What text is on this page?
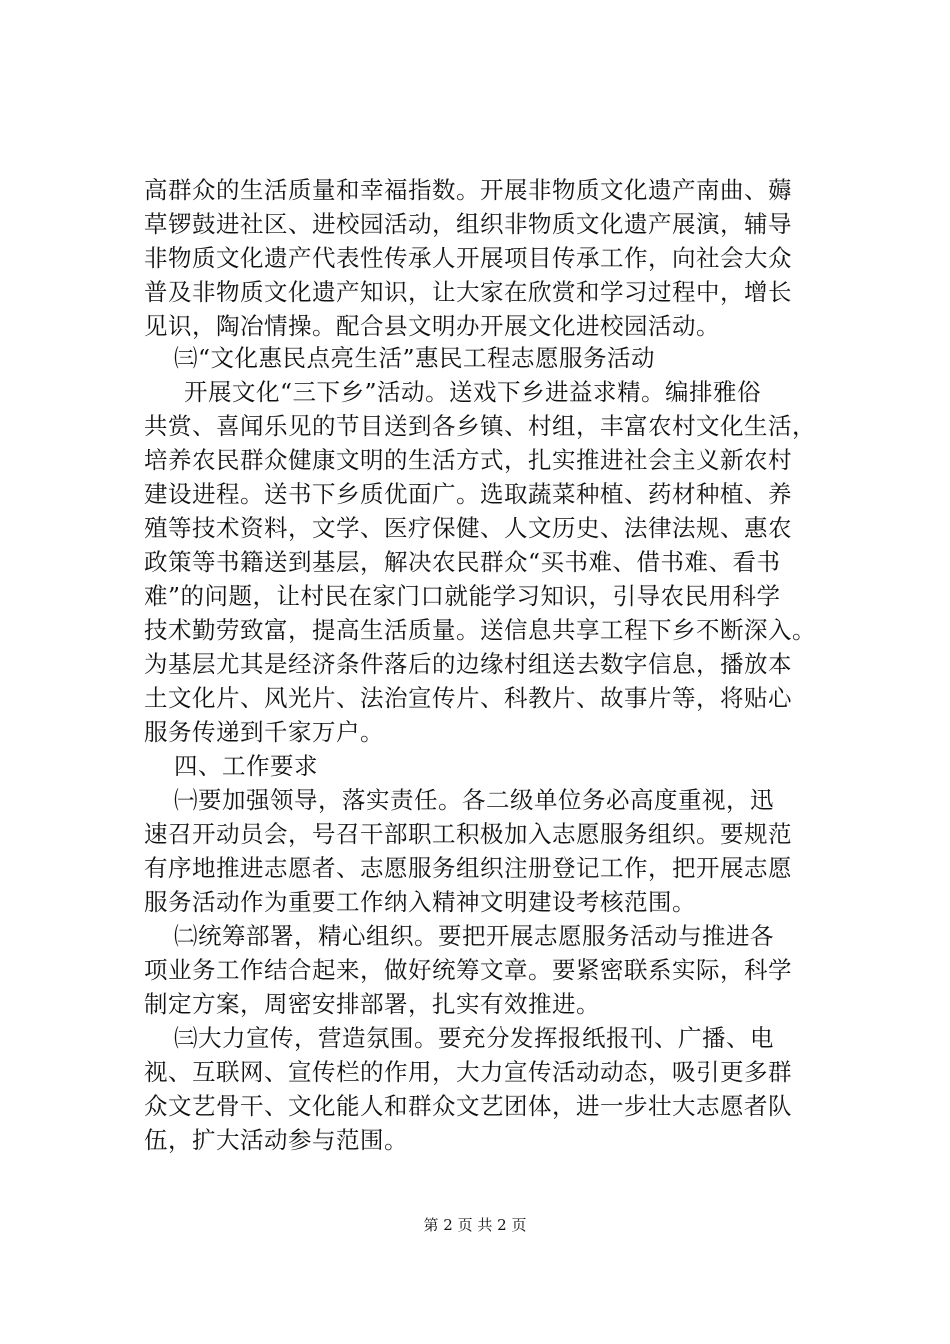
高群众的生活质量和幸福指数。开展非物质文化遗产南曲、薅
草锣鼓进社区、进校园活动，组织非物质文化遗产展演，辅导
非物质文化遗产代表性传承人开展项目传承工作，向社会大众
普及非物质文化遗产知识，让大家在欣赏和学习过程中，增长
见识，陶冶情操。配合县文明办开展文化进校园活动。
㈢“文化惠民点亮生活”惠民工程志愿服务活动
开展文化“三下乡”活动。送戏下乡进益求精。编排雅俗
共赏、喜闻乐见的节目送到各乡镇、村组，丰富农村文化生活，
培养农民群众健康文明的生活方式，扎实推进社会主义新农村
建设进程。送书下乡质优面广。选取蔬菜种植、药材种植、养
殖等技术资料，文学、医疗保健、人文历史、法律法规、惠农
政策等书籍送到基层，解决农民群众“买书难、借书难、看书
难”的问题，让村民在家门口就能学习知识，引导农民用科学
技术勤劳致富，提高生活质量。送信息共享工程下乡不断深入。
为基层尤其是经济条件落后的边缘村组送去数字信息，播放本
土文化片、风光片、法治宣传片、科教片、故事片等，将贴心
服务传递到千家万户。
四、工作要求
㈠要加强领导，落实责任。各二级单位务必高度重视，迅
速召开动员会，号召干部职工积极加入志愿服务组织。要规范
有序地推进志愿者、志愿服务组织注册登记工作，把开展志愿
服务活动作为重要工作纳入精神文明建设考核范围。
㈡统筹部署，精心组织。要把开展志愿服务活动与推进各
项业务工作结合起来，做好统筹文章。要紧密联系实际，科学
制定方案，周密安排部署，扎实有效推进。
㈢大力宣传，营造氛围。要充分发挥报纸报刊、广播、电
视、互联网、宣传栏的作用，大力宣传活动动态，吸引更多群
众文艺骨干、文化能人和群众文艺团体，进一步壮大志愿者队
伍，扩大活动参与范围。
第 2 页 共 2 页
